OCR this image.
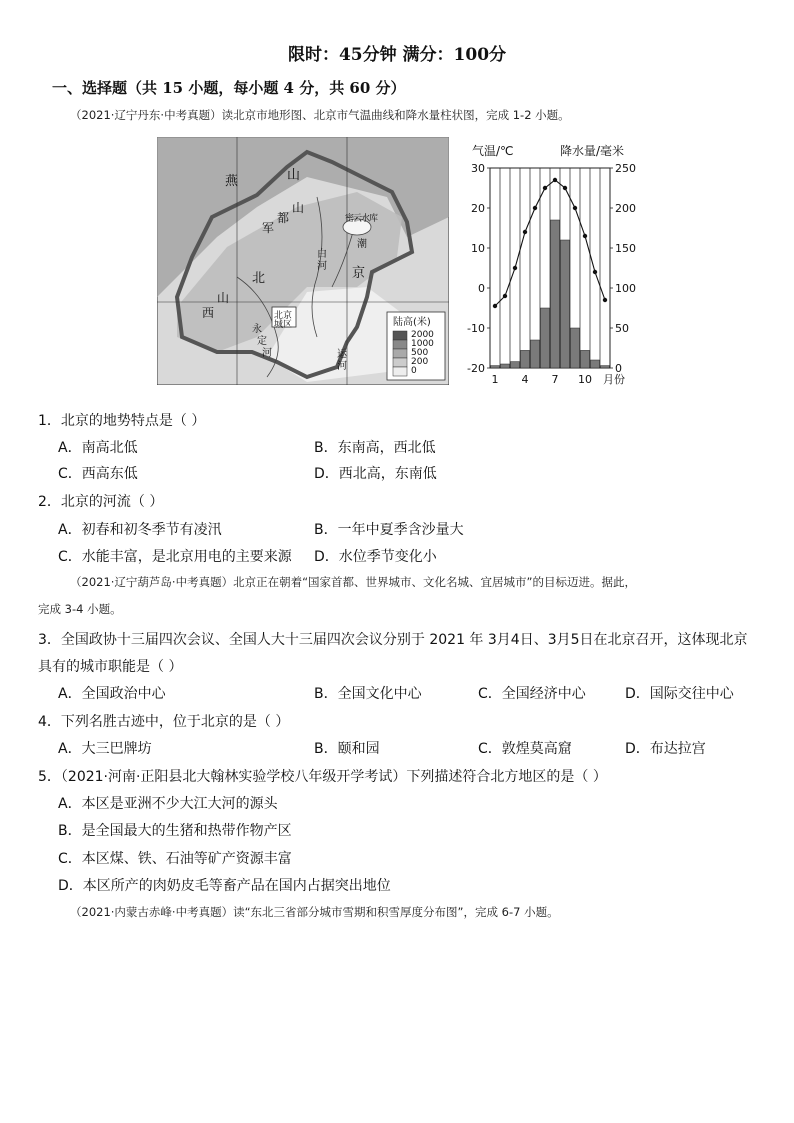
限时：45分钟 满分：100分
一、选择题（共 15 小题，每小题 4 分，共 60 分）
（2021·辽宁丹东·中考真题）读北京市地形图、北京市气温曲线和降水量柱状图，完成 1-2 小题。
燕	山
军
都
山
北	京
西
山
白
河
潮
密
云
水
库
永
定
河
北京
城区
运
河
陆高(米)
2000
1000
500
200
0
气温/℃	降水量/毫米
30
20
10
0
-10
-20
250
200
150
100
50
0
1 4 7 10 月份
1．北京的地势特点是（ ）
A．南高北低	B．东南高，西北低
C．西高东低	D．西北高，东南低
2．北京的河流（ ）
A．初春和初冬季节有凌汛	B．一年中夏季含沙量大
C．水能丰富，是北京用电的主要来源 D．水位季节变化小
（2021·辽宁葫芦岛·中考真题）北京正在朝着“国家首都、世界城市、文化名城、宜居城市”的目标迈进。据此，
完成 3-4 小题。
3．全国政协十三届四次会议、全国人大十三届四次会议分别于 2021 年 3月4日、3月5日在北京召开，这体现北京
具有的城市职能是（ ）
A．全国政治中心	B．全国文化中心	C．全国经济中心	D．国际交往中心
4．下列名胜古迹中，位于北京的是（ ）
A．大三巴牌坊	B．颐和园	C．敦煌莫高窟	D．布达拉宫
5．（2021·河南·正阳县北大翰林实验学校八年级开学考试）下列描述符合北方地区的是（ ）
A．本区是亚洲不少大江大河的源头
B．是全国最大的生猪和热带作物产区
C．本区煤、铁、石油等矿产资源丰富
D．本区所产的肉奶皮毛等畜产品在国内占据突出地位
（2021·内蒙古赤峰·中考真题）读“东北三省部分城市雪期和积雪厚度分布图”，完成 6-7 小题。
